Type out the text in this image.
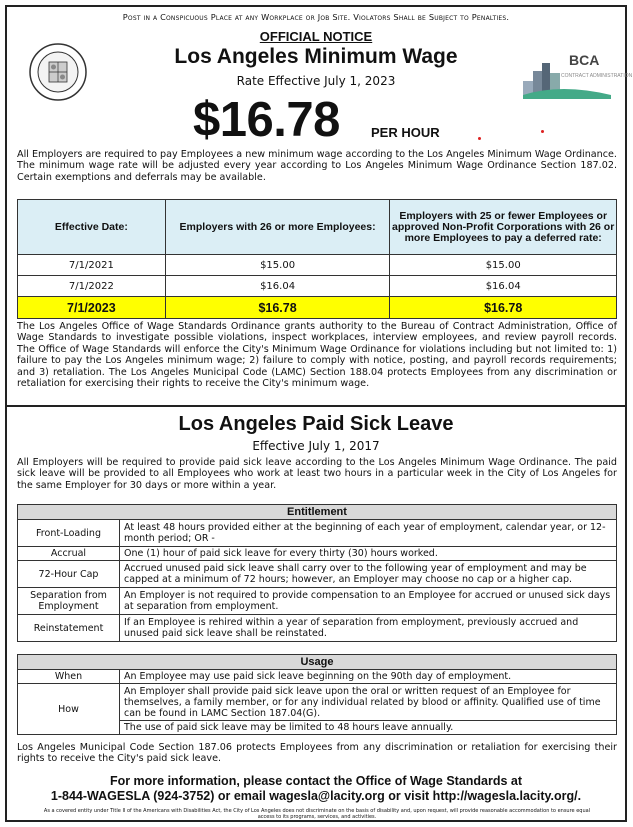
Post in a Conspicuous Place at any Workplace or Job Site. Violators Shall be Subject to Penalties.
OFFICIAL NOTICE
BCA
CONTRACT ADMINISTRATION
Los Angeles Minimum Wage
Rate Effective July 1, 2023
$16.78 PER HOUR

All Employers are required to pay Employees a new minimum wage according to the Los Angeles Minimum Wage Ordinance. The minimum wage rate will be adjusted every year according to Los Angeles Minimum Wage Ordinance Section 187.02. Certain exemptions and deferrals may be available.

Effective Date:	Employers with 26 or more Employees:	Employers with 25 or fewer Employees or approved Non-Profit Corporations with 26 or more Employees to pay a deferred rate:
7/1/2021	$15.00	$15.00
7/1/2022	$16.04	$16.04
7/1/2023	$16.78	$16.78

The Los Angeles Office of Wage Standards Ordinance grants authority to the Bureau of Contract Administration, Office of Wage Standards to investigate possible violations, inspect workplaces, interview employees, and review payroll records. The Office of Wage Standards will enforce the City's Minimum Wage Ordinance for violations including but not limited to: 1) failure to pay the Los Angeles minimum wage; 2) failure to comply with notice, posting, and payroll records requirements; and 3) retaliation. The Los Angeles Municipal Code (LAMC) Section 188.04 protects Employees from any discrimination or retaliation for exercising their rights to receive the City's minimum wage.

Los Angeles Paid Sick Leave
Effective July 1, 2017

All Employers will be required to provide paid sick leave according to the Los Angeles Minimum Wage Ordinance. The paid sick leave will be provided to all Employees who work at least two hours in a particular week in the City of Los Angeles for the same Employer for 30 days or more within a year.

Entitlement	
Front-Loading	At least 48 hours provided either at the beginning of each year of employment, calendar year, or 12-month period; OR -
Accrual	One (1) hour of paid sick leave for every thirty (30) hours worked.
72-Hour Cap	Accrued unused paid sick leave shall carry over to the following year of employment and may be capped at a minimum of 72 hours; however, an Employer may choose no cap or a higher cap.
Separation from Employment	An Employer is not required to provide compensation to an Employee for accrued or unused sick days at separation from employment.
Reinstatement	If an Employee is rehired within a year of separation from employment, previously accrued and unused paid sick leave shall be reinstated.
Usage	
When	An Employee may use paid sick leave beginning on the 90th day of employment.
How	An Employer shall provide paid sick leave upon the oral or written request of an Employee for themselves, a family member, or for any individual related by blood or affinity. Qualified use of time can be found in LAMC Section 187.04(G).
	The use of paid sick leave may be limited to 48 hours leave annually.

Los Angeles Municipal Code Section 187.06 protects Employees from any discrimination or retaliation for exercising their rights to receive the City's paid sick leave.

For more information, please contact the Office of Wage Standards at
1-844-WAGESLA (924-3752) or email wagesla@lacity.org or visit http://wagesla.lacity.org/.
As a covered entity under Title II of the Americans with Disabilities Act, the City of Los Angeles does not discriminate on the basis of disability and, upon request, will provide reasonable accommodation to ensure equal access to its programs, services, and activities.
